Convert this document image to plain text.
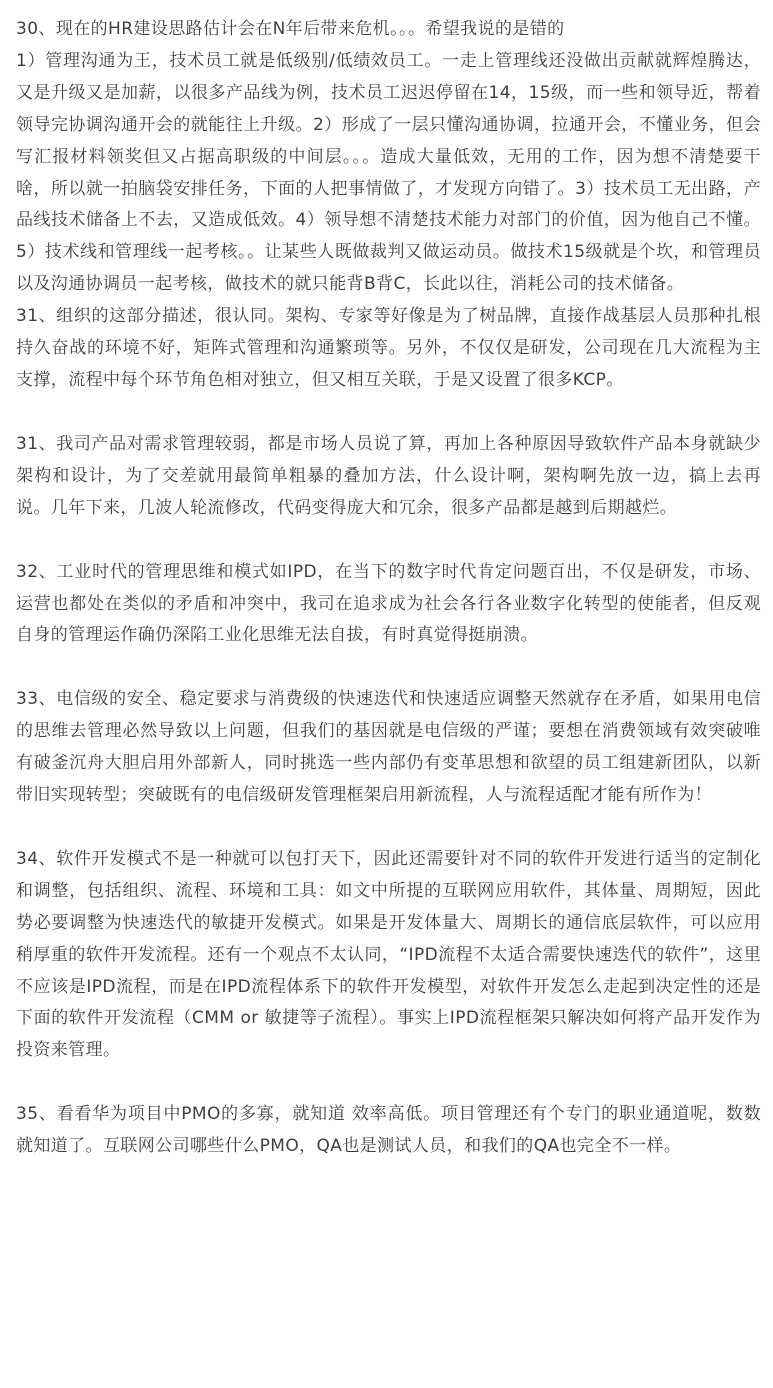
30、现在的HR建设思路估计会在N年后带来危机。。。希望我说的是错的

1）管理沟通为王，技术员工就是低级别/低绩效员工。一走上管理线还没做出贡献就辉煌腾达，又是升级又是加薪，以很多产品线为例，技术员工迟迟停留在14，15级，而一些和领导近，帮着领导完协调沟通开会的就能往上升级。2）形成了一层只懂沟通协调，拉通开会，不懂业务，但会写汇报材料领奖但又占据高职级的中间层。。。造成大量低效，无用的工作，因为想不清楚要干啥，所以就一拍脑袋安排任务，下面的人把事情做了，才发现方向错了。3）技术员工无出路，产品线技术储备上不去，又造成低效。4）领导想不清楚技术能力对部门的价值，因为他自己不懂。5）技术线和管理线一起考核。。让某些人既做裁判又做运动员。做技术15级就是个坎，和管理员以及沟通协调员一起考核，做技术的就只能背B背C，长此以往，消耗公司的技术储备。

31、组织的这部分描述，很认同。架构、专家等好像是为了树品牌，直接作战基层人员那种扎根持久奋战的环境不好，矩阵式管理和沟通繁琐等。另外，不仅仅是研发，公司现在几大流程为主支撑，流程中每个环节角色相对独立，但又相互关联，于是又设置了很多KCP。

31、我司产品对需求管理较弱，都是市场人员说了算，再加上各种原因导致软件产品本身就缺少架构和设计，为了交差就用最简单粗暴的叠加方法，什么设计啊，架构啊先放一边，搞上去再说。几年下来，几波人轮流修改，代码变得庞大和冗余，很多产品都是越到后期越烂。

32、工业时代的管理思维和模式如IPD，在当下的数字时代肯定问题百出，不仅是研发，市场、运营也都处在类似的矛盾和冲突中，我司在追求成为社会各行各业数字化转型的使能者，但反观自身的管理运作确仍深陷工业化思维无法自拔，有时真觉得挺崩溃。

33、电信级的安全、稳定要求与消费级的快速迭代和快速适应调整天然就存在矛盾，如果用电信的思维去管理必然导致以上问题，但我们的基因就是电信级的严谨；要想在消费领域有效突破唯有破釜沉舟大胆启用外部新人，同时挑选一些内部仍有变革思想和欲望的员工组建新团队，以新带旧实现转型；突破既有的电信级研发管理框架启用新流程，人与流程适配才能有所作为！

34、软件开发模式不是一种就可以包打天下，因此还需要针对不同的软件开发进行适当的定制化和调整，包括组织、流程、环境和工具：如文中所提的互联网应用软件，其体量、周期短，因此势必要调整为快速迭代的敏捷开发模式。如果是开发体量大、周期长的通信底层软件，可以应用稍厚重的软件开发流程。还有一个观点不太认同，“IPD流程不太适合需要快速迭代的软件”，这里不应该是IPD流程，而是在IPD流程体系下的软件开发模型，对软件开发怎么走起到决定性的还是下面的软件开发流程（CMM or 敏捷等子流程）。事实上IPD流程框架只解决如何将产品开发作为投资来管理。

35、看看华为项目中PMO的多寡，就知道 效率高低。项目管理还有个专门的职业通道呢，数数就知道了。互联网公司哪些什么PMO，QA也是测试人员，和我们的QA也完全不一样。
